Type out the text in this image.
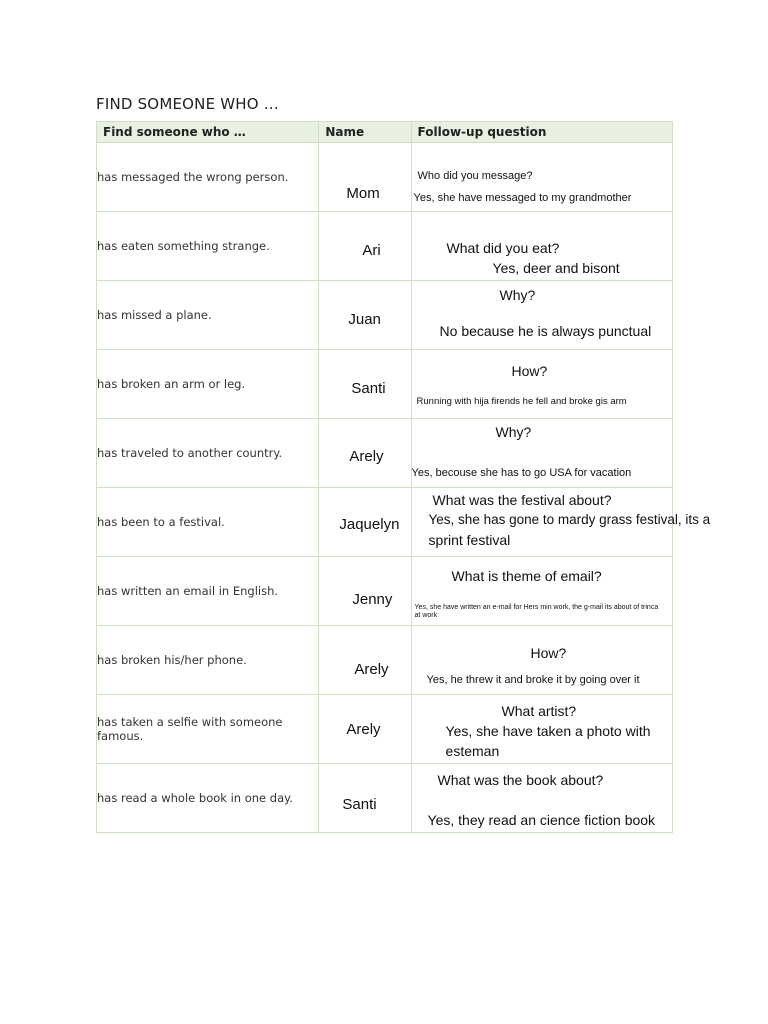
FIND SOMEONE WHO …
Find someone who …	Name	Follow-up question
has messaged the wrong person.	Mom	Who did you message?
Yes, she have messaged to my grandmother

has eaten something strange.	Ari	What did you eat?
Yes, deer and bisont

has missed a plane.	Juan	Why?
No because he is always punctual

has broken an arm or leg.	Santi	How?
Running with hija firends he fell and broke gis arm

has traveled to another country.	Arely	Why?
Yes, becouse she has to go USA for vacation

has been to a festival.	Jaquelyn	What was the festival about?
Yes, she has gone to mardy grass festival, its a
sprint festival

has written an email in English.	Jenny	What is theme of email?
Yes, she have written an e-mail for Hers min work, the g-mail its about of trinca at work

has broken his/her phone.	Arely	How?
Yes, he threw it and broke it by going over it

has taken a selfie with someone famous.	Arely	What artist?
Yes, she have taken a photo with
esteman

has read a whole book in one day.	Santi	What was the book about?
Yes, they read an cience fiction book
